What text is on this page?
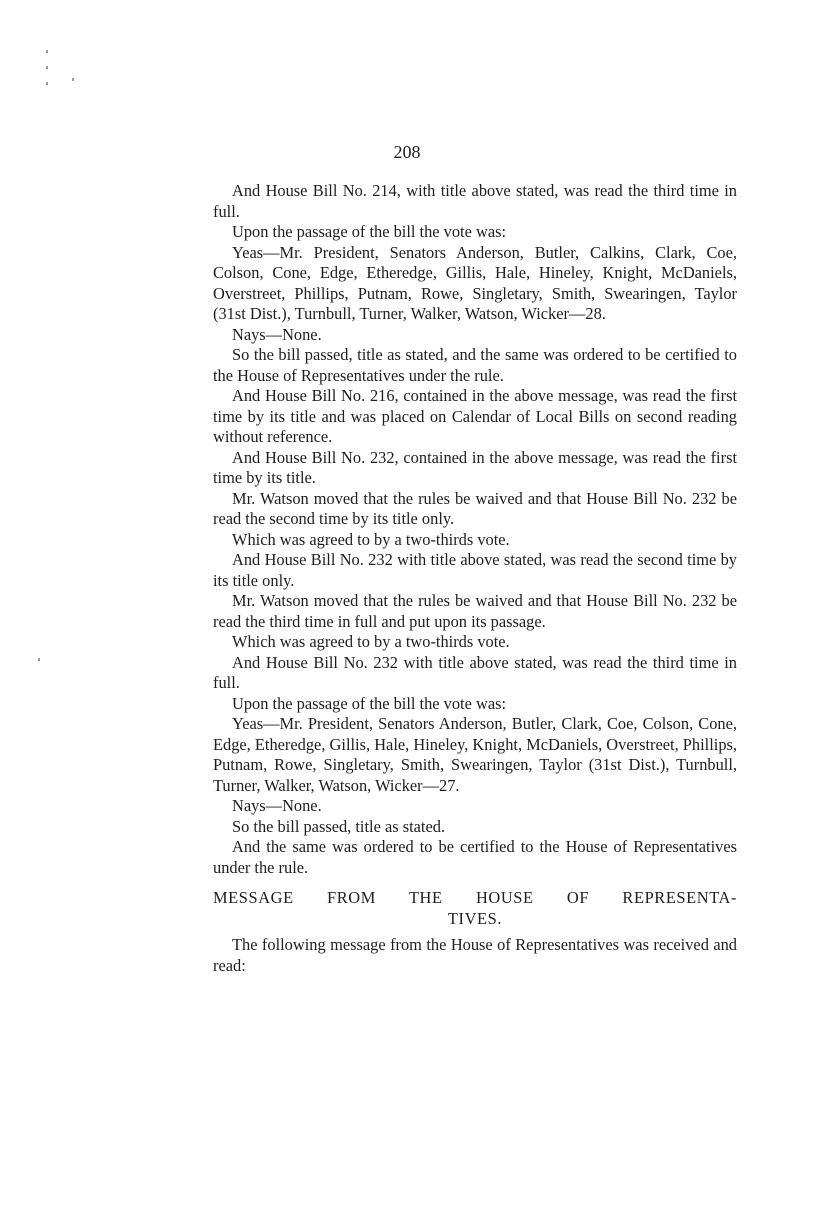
208

And House Bill No. 214, with title above stated, was read the third time in full.

Upon the passage of the bill the vote was:

Yeas—Mr. President, Senators Anderson, Butler, Calkins, Clark, Coe, Colson, Cone, Edge, Etheredge, Gillis, Hale, Hineley, Knight, McDaniels, Overstreet, Phillips, Putnam, Rowe, Singletary, Smith, Swearingen, Taylor (31st Dist.), Turnbull, Turner, Walker, Watson, Wicker—28.

Nays—None.

So the bill passed, title as stated, and the same was ordered to be certified to the House of Representatives under the rule.

And House Bill No. 216, contained in the above message, was read the first time by its title and was placed on Calendar of Local Bills on second reading without reference.

And House Bill No. 232, contained in the above message, was read the first time by its title.

Mr. Watson moved that the rules be waived and that House Bill No. 232 be read the second time by its title only.

Which was agreed to by a two-thirds vote.

And House Bill No. 232 with title above stated, was read the second time by its title only.

Mr. Watson moved that the rules be waived and that House Bill No. 232 be read the third time in full and put upon its passage.

Which was agreed to by a two-thirds vote.

And House Bill No. 232 with title above stated, was read the third time in full.

Upon the passage of the bill the vote was:

Yeas—Mr. President, Senators Anderson, Butler, Clark, Coe, Colson, Cone, Edge, Etheredge, Gillis, Hale, Hineley, Knight, McDaniels, Overstreet, Phillips, Putnam, Rowe, Singletary, Smith, Swearingen, Taylor (31st Dist.), Turnbull, Turner, Walker, Watson, Wicker—27.

Nays—None.

So the bill passed, title as stated.

And the same was ordered to be certified to the House of Representatives under the rule.

MESSAGE FROM THE HOUSE OF REPRESENTA-
TIVES.

The following message from the House of Representatives was received and read:
